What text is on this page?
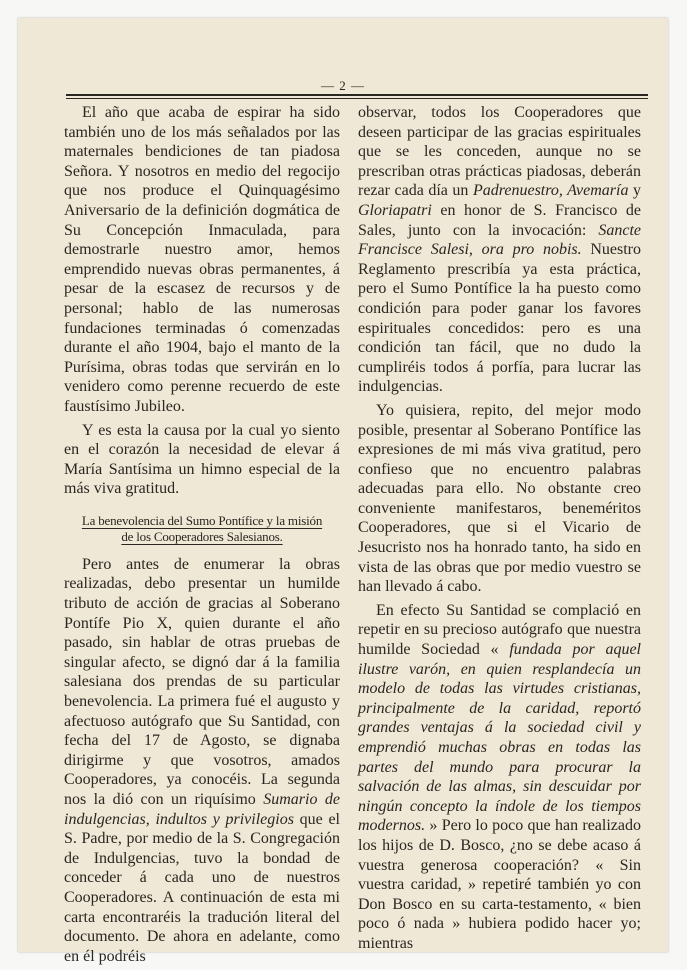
— 2 —

El año que acaba de espirar ha sido también uno de los más señalados por las maternales bendiciones de tan piadosa Señora. Y nosotros en medio del regocijo que nos produce el Quinquagésimo Aniversario de la definición dogmática de Su Concepción Inmaculada, para demostrarle nuestro amor, hemos emprendido nuevas obras permanentes, á pesar de la escasez de recursos y de personal; hablo de las numerosas fundaciones terminadas ó comenzadas durante el año 1904, bajo el manto de la Purísima, obras todas que servirán en lo venidero como perenne recuerdo de este faustísimo Jubileo.

Y es esta la causa por la cual yo siento en el corazón la necesidad de elevar á María Santísima un himno especial de la más viva gratitud.

La benevolencia del Sumo Pontífice y la misión
de los Cooperadores Salesianos.

Pero antes de enumerar la obras realizadas, debo presentar un humilde tributo de acción de gracias al Soberano Pontífe Pio X, quien durante el año pasado, sin hablar de otras pruebas de singular afecto, se dignó dar á la familia salesiana dos prendas de su particular benevolencia. La primera fué el augusto y afectuoso autógrafo que Su Santidad, con fecha del 17 de Agosto, se dignaba dirigirme y que vosotros, amados Cooperadores, ya conocéis. La segunda nos la dió con un riquísimo Sumario de indulgencias, indultos y privilegios que el S. Padre, por medio de la S. Congregación de Indulgencias, tuvo la bondad de conceder á cada uno de nuestros Cooperadores. A continuación de esta mi carta encontraréis la tradución literal del documento. De ahora en adelante, como en él podréis

observar, todos los Cooperadores que deseen participar de las gracias espirituales que se les conceden, aunque no se prescriban otras prácticas piadosas, deberán rezar cada día un Padrenuestro, Avemaría y Gloriapatri en honor de S. Francisco de Sales, junto con la invocación: Sancte Francisce Salesi, ora pro nobis. Nuestro Reglamento prescribía ya esta práctica, pero el Sumo Pontífice la ha puesto como condición para poder ganar los favores espirituales concedidos: pero es una condición tan fácil, que no dudo la cumpliréis todos á porfía, para lucrar las indulgencias.

Yo quisiera, repito, del mejor modo posible, presentar al Soberano Pontífice las expresiones de mi más viva gratitud, pero confieso que no encuentro palabras adecuadas para ello. No obstante creo conveniente manifestaros, beneméritos Cooperadores, que si el Vicario de Jesucristo nos ha honrado tanto, ha sido en vista de las obras que por medio vuestro se han llevado á cabo.

En efecto Su Santidad se complació en repetir en su precioso autógrafo que nuestra humilde Sociedad « fundada por aquel ilustre varón, en quien resplandecía un modelo de todas las virtudes cristianas, principalmente de la caridad, reportó grandes ventajas á la sociedad civil y emprendió muchas obras en todas las partes del mundo para procurar la salvación de las almas, sin descuidar por ningún concepto la índole de los tiempos modernos. » Pero lo poco que han realizado los hijos de D. Bosco, ¿no se debe acaso á vuestra generosa cooperación? « Sin vuestra caridad, » repetiré también yo con Don Bosco en su carta-testamento, « bien poco ó nada » hubiera podido hacer yo; mientras
